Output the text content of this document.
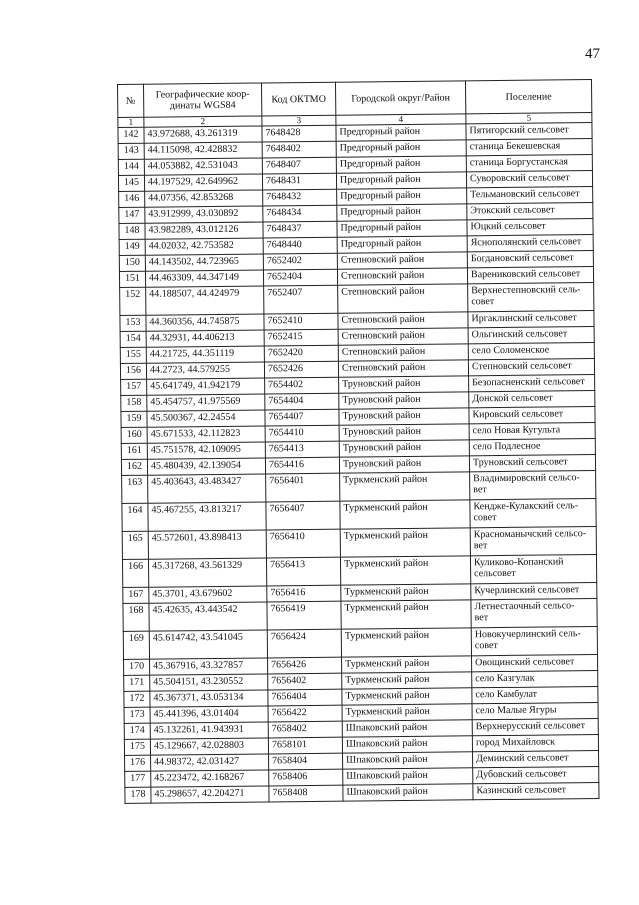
47
№	Географические коор-
динаты WGS84	Код ОКТМО	Городской округ/Район	Поселение
1	2	3	4	5
142	43.972688, 43.261319	7648428	Предгорный район	Пятигорский сельсовет
143	44.115098, 42.428832	7648402	Предгорный район	станица Бекешевская
144	44.053882, 42.531043	7648407	Предгорный район	станица Боргустанская
145	44.197529, 42.649962	7648431	Предгорный район	Суворовский сельсовет
146	44.07356, 42.853268	7648432	Предгорный район	Тельмановский сельсовет
147	43.912999, 43.030892	7648434	Предгорный район	Этокский сельсовет
148	43.982289, 43.012126	7648437	Предгорный район	Юцкий сельсовет
149	44.02032, 42.753582	7648440	Предгорный район	Яснополянский сельсовет
150	44.143502, 44.723965	7652402	Степновский район	Богдановский сельсовет
151	44.463309, 44.347149	7652404	Степновский район	Варениковский сельсовет
152	44.188507, 44.424979	7652407	Степновский район	Верхнестепновский сель-
совет
153	44.360356, 44.745875	7652410	Степновский район	Иргаклинский сельсовет
154	44.32931, 44.406213	7652415	Степновский район	Ольгинский сельсовет
155	44.21725, 44.351119	7652420	Степновский район	село Соломенское
156	44.2723, 44.579255	7652426	Степновский район	Степновский сельсовет
157	45.641749, 41.942179	7654402	Труновский район	Безопасненский сельсовет
158	45.454757, 41.975569	7654404	Труновский район	Донской сельсовет
159	45.500367, 42.24554	7654407	Труновский район	Кировский сельсовет
160	45.671533, 42.112823	7654410	Труновский район	село Новая Кугульта
161	45.751578, 42.109095	7654413	Труновский район	село Подлесное
162	45.480439, 42.139054	7654416	Труновский район	Труновский сельсовет
163	45.403643, 43.483427	7656401	Туркменский район	Владимировский сельсо-
вет
164	45.467255, 43.813217	7656407	Туркменский район	Кендже-Кулакский сель-
совет
165	45.572601, 43.898413	7656410	Туркменский район	Красноманычский сельсо-
вет
166	45.317268, 43.561329	7656413	Туркменский район	Куликово-Копанский
сельсовет
167	45.3701, 43.679602	7656416	Туркменский район	Кучерлинский сельсовет
168	45.42635, 43.443542	7656419	Туркменский район	Летнестаочный сельсо-
вет
169	45.614742, 43.541045	7656424	Туркменский район	Новокучерлинский сель-
совет
170	45.367916, 43.327857	7656426	Туркменский район	Овощинский сельсовет
171	45.504151, 43.230552	7656402	Туркменский район	село Казгулак
172	45.367371, 43.053134	7656404	Туркменский район	село Камбулат
173	45.441396, 43.01404	7656422	Туркменский район	село Малые Ягуры
174	45.132261, 41.943931	7658402	Шпаковский район	Верхнерусский сельсовет
175	45.129667, 42.028803	7658101	Шпаковский район	город Михайловск
176	44.98372, 42.031427	7658404	Шпаковский район	Деминский сельсовет
177	45.223472, 42.168267	7658406	Шпаковский район	Дубовский сельсовет
178	45.298657, 42.204271	7658408	Шпаковский район	Казинский сельсовет
